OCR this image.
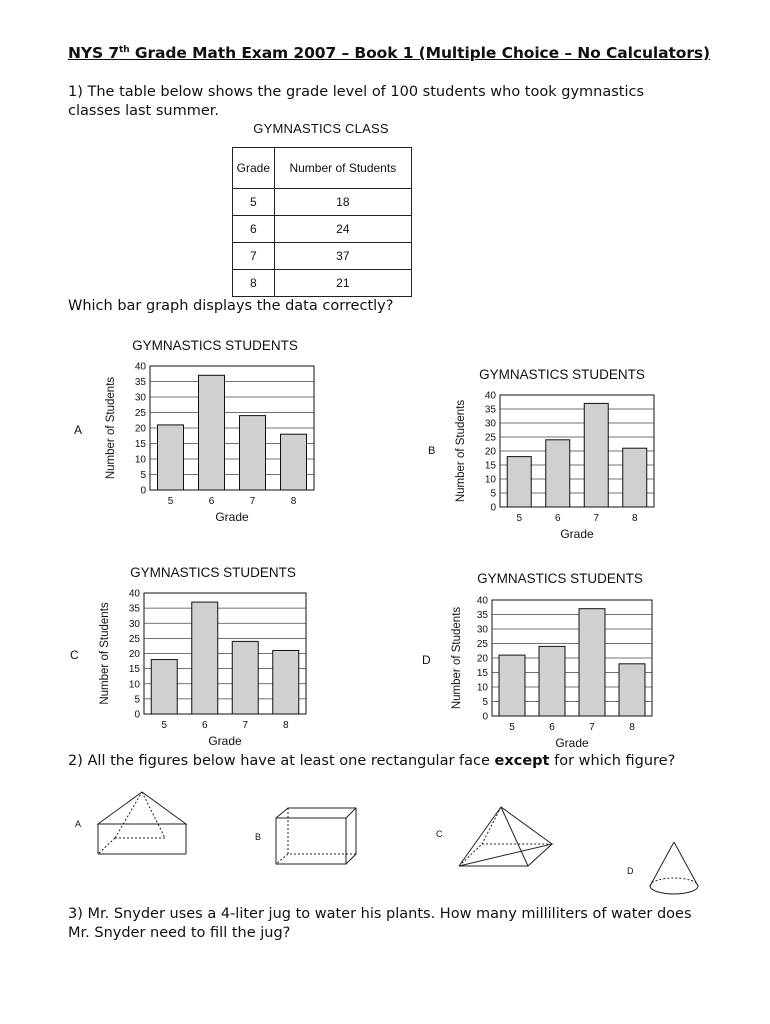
NYS 7th Grade Math Exam 2007 – Book 1 (Multiple Choice – No Calculators)
1) The table below shows the grade level of 100 students who took gymnastics classes last summer.
GYMNASTICS CLASS
Grade	Number of Students
5	18
6	24
7	37
8	21
Which bar graph displays the data correctly?
GYMNASTICS STUDENTS
0
5
10
15
20
25
30
35
40
5	6	7	8
Grade
Number of Students
A
GYMNASTICS STUDENTS
0
5
10
15
20
25
30
35
40
5	6	7	8
Grade
Number of Students
B
GYMNASTICS STUDENTS
0
5
10
15
20
25
30
35
40
5	6	7	8
Grade
Number of Students
C
GYMNASTICS STUDENTS
0
5
10
15
20
25
30
35
40
5	6	7	8
Grade
Number of Students
D
2) All the figures below have at least one rectangular face except for which figure?
A
B	C
D
3) Mr. Snyder uses a 4-liter jug to water his plants. How many milliliters of water does Mr. Snyder need to fill the jug?
